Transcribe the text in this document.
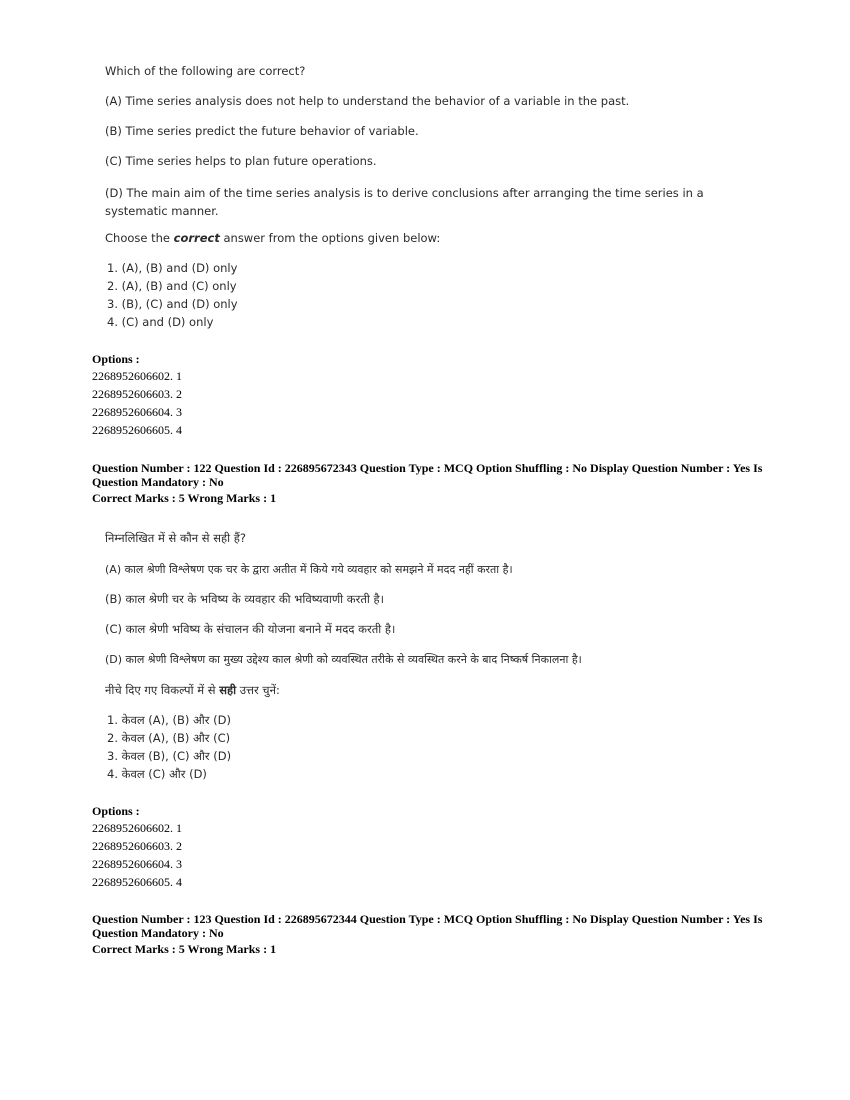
Which of the following are correct?
(A) Time series analysis does not help to understand the behavior of a variable in the past.
(B) Time series predict the future behavior of variable.
(C) Time series helps to plan future operations.
(D) The main aim of the time series analysis is to derive conclusions after arranging the time series in a systematic manner.
Choose the correct answer from the options given below:
1. (A), (B) and (D) only
2. (A), (B) and (C) only
3. (B), (C) and (D) only
4. (C) and (D) only
Options :
2268952606602. 1
2268952606603. 2
2268952606604. 3
2268952606605. 4
Question Number : 122 Question Id : 226895672343 Question Type : MCQ Option Shuffling : No Display Question Number : Yes Is
Question Mandatory : No
Correct Marks : 5 Wrong Marks : 1
निम्नलिखित में से कौन से सही हैं?
(A) काल श्रेणी विश्लेषण एक चर के द्वारा अतीत में किये गये व्यवहार को समझने में मदद नहीं करता है।
(B) काल श्रेणी चर के भविष्य के व्यवहार की भविष्यवाणी करती है।
(C) काल श्रेणी भविष्य के संचालन की योजना बनाने में मदद करती है।
(D) काल श्रेणी विश्लेषण का मुख्य उद्देश्य काल श्रेणी को व्यवस्थित तरीके से व्यवस्थित करने के बाद निष्कर्ष निकालना है।
नीचे दिए गए विकल्पों में से सही उत्तर चुनें:
1. केवल (A), (B) और (D)
2. केवल (A), (B) और (C)
3. केवल (B), (C) और (D)
4. केवल (C) और (D)
Options :
2268952606602. 1
2268952606603. 2
2268952606604. 3
2268952606605. 4
Question Number : 123 Question Id : 226895672344 Question Type : MCQ Option Shuffling : No Display Question Number : Yes Is
Question Mandatory : No
Correct Marks : 5 Wrong Marks : 1
